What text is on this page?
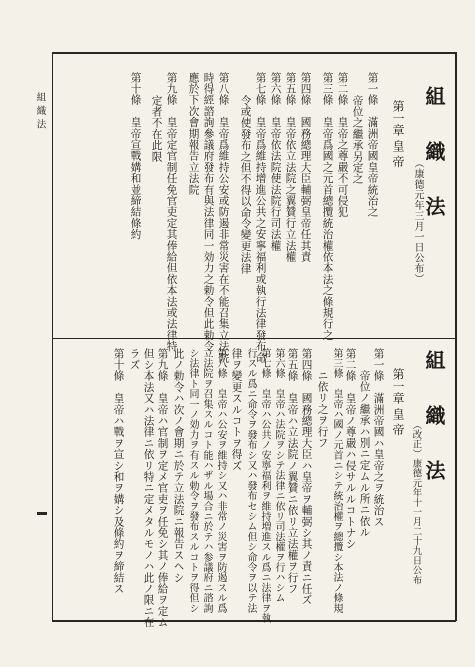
組織法	組 織 法
（康德元年三月一日公布）
第一章 皇 帝
第一條　滿洲帝國皇帝統治之
帝位之繼承另定之
第二條　皇帝之尊嚴不可侵犯
第三條　皇帝爲國之元首總攬統治權依本法之條規行之
第四條　國務總理大臣輔弼皇帝任其責
第五條　皇帝依立法院之翼贊行立法權
第六條　皇帝依法院使法院行司法權
第七條　皇帝爲維持增進公共之安寧福利或執行法律發布命
令或使發布之但不得以命令變更法律
第八條　皇帝爲維持公安或防遏非常災害在不能召集立法院
時得經諮詢參議府發布有與法律同一効力之勅令但此勅令
應於下次會期報告立法院
第九條　皇帝定官制任免官吏定其俸給但依本法或法律特
定者不在此限
第十條　皇帝宣戰媾和並締結條約
組 織 法
（改正）康德元年十一月二十九日公布
第一章 皇 帝
第一條　滿洲帝國ハ皇帝之ヲ統治ス
帝位ノ繼承ハ別ニ定ムル所ニ依ル
第二條　皇帝ノ尊嚴ハ侵サルルコトナシ
第三條　皇帝ハ國ノ元首ニシテ統治權ヲ總攬シ本法ノ條規
ニ依リ之ヲ行フ
第四條　國務總理大臣ハ皇帝ヲ輔弼シ其ノ責ニ任ズ
第五條　皇帝ハ立法院ノ翼贊ニ依リ立法權ヲ行フ
第六條　皇帝ハ法院ヲシテ法律ニ依リ司法權ヲ行ハシム
第七條　皇帝ハ公共ノ安寧福利ヲ維持増進スル爲ニ法律ヲ執
行スル爲ニ命令ヲ發布シ又ハ發布セシム但シ命令ヲ以テ法
律ヲ變更スルコトヲ得ズ
第八條　皇帝ハ公安ヲ維持シ又ハ非常ノ災害ヲ防遏スル爲
立法院ヲ召集スルコト能ハザル場合ニ於テハ参議府ニ諮詢
シ法律ト同一ノ効力ヲ有スル勅令ヲ發布スルコトヲ得但シ
此ノ勅令ハ次ノ會期ニ於テ立法院ニ報告スヘシ
第九條　皇帝ハ官制ヲ定メ官吏ヲ任免シ其ノ俸給ヲ定ム
但シ本法又ハ法律ニ依リ特ニ定メタルモノハ此ノ限ニ在
ラズ
第十條　皇帝ハ戰ヲ宣シ和ヲ媾シ及條約ヲ締結ス
